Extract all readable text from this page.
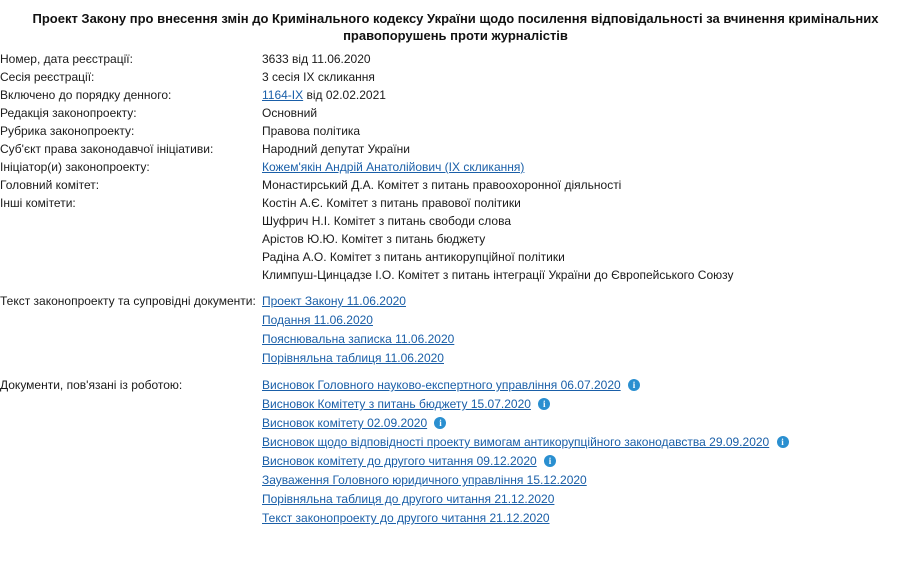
Проект Закону про внесення змін до Кримінального кодексу України щодо посилення відповідальності за вчинення кримінальних правопорушень проти журналістів
Номер, дата реєстрації:	3633 від 11.06.2020
Сесія реєстрації:	3 сесія IX скликання
Включено до порядку денного:	1164-IX від 02.02.2021
Редакція законопроекту:	Основний
Рубрика законопроекту:	Правова політика
Суб'єкт права законодавчої ініціативи:	Народний депутат України
Ініціатор(и) законопроекту:	Кожем'якін Андрій Анатолійович (IX скликання)
Головний комітет:	Монастирський Д.А. Комітет з питань правоохоронної діяльності
Інші комітети:	Костін А.Є. Комітет з питань правової політики
Шуфрич Н.І. Комітет з питань свободи слова
Арістов Ю.Ю. Комітет з питань бюджету
Радіна А.О. Комітет з питань антикорупційної політики
Климпуш-Цинцадзе І.О. Комітет з питань інтеграції України до Європейського Союзу

Текст законопроекту та супровідні документи:	Проект Закону 11.06.2020
Подання 11.06.2020
Пояснювальна записка 11.06.2020
Порівняльна таблиця 11.06.2020

Документи, пов'язані із роботою:	Висновок Головного науково-експертного управління 06.07.2020 i
Висновок Комітету з питань бюджету 15.07.2020 i
Висновок комітету 02.09.2020 i
Висновок щодо відповідності проекту вимогам антикорупційного законодавства 29.09.2020 i
Висновок комітету до другого читання 09.12.2020 i
Зауваження Головного юридичного управління 15.12.2020
Порівняльна таблиця до другого читання 21.12.2020
Текст законопроекту до другого читання 21.12.2020
